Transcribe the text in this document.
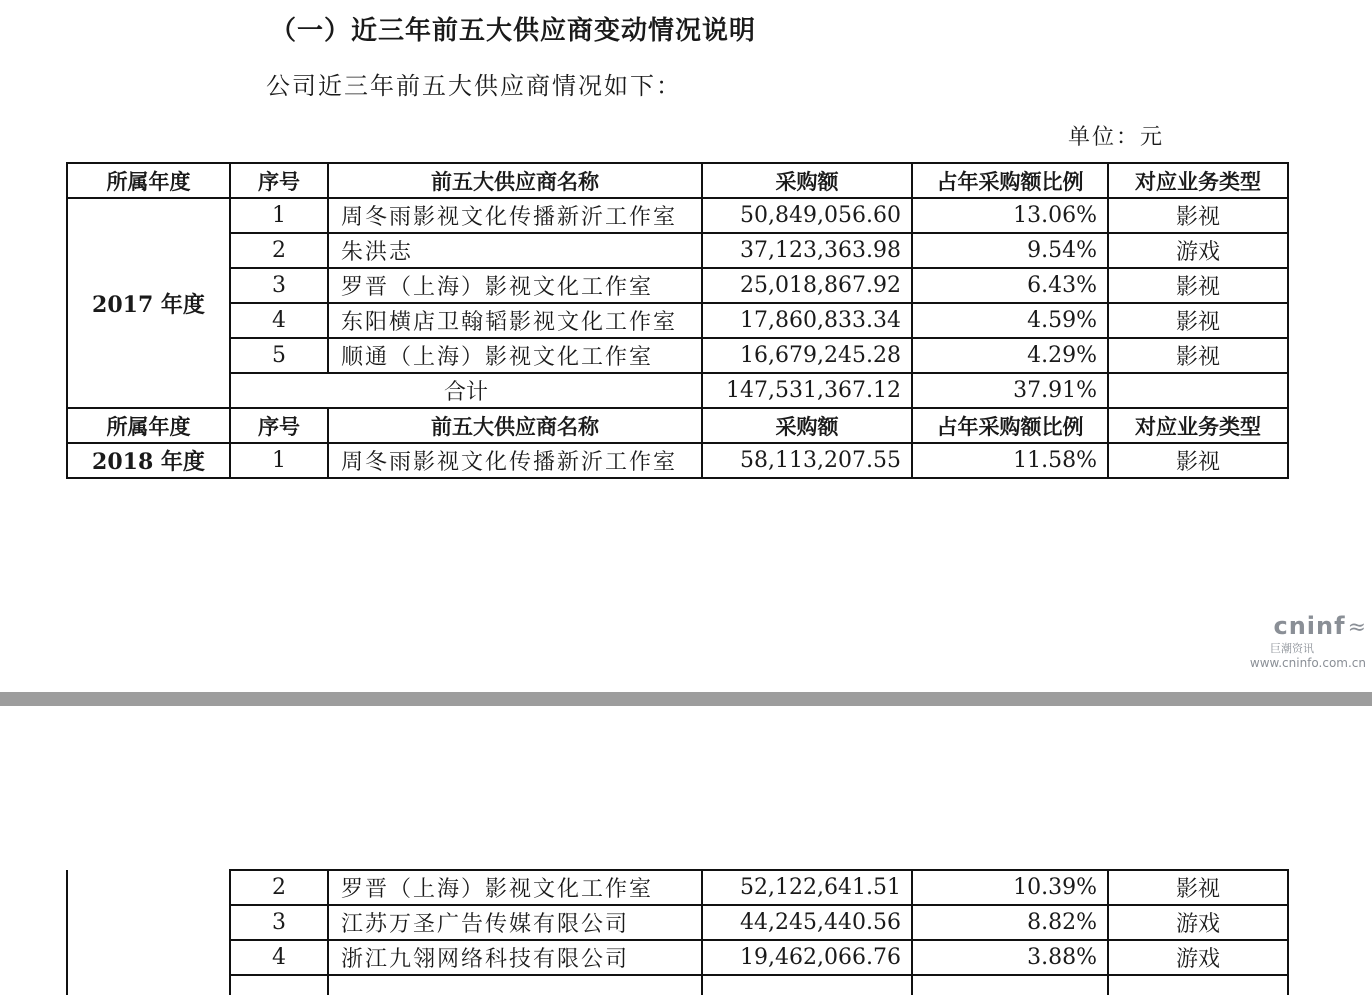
（一）近三年前五大供应商变动情况说明
公司近三年前五大供应商情况如下：
单位：元
所属年度	序号	前五大供应商名称	采购额	占年采购额比例	对应业务类型
2017 年度	1	周冬雨影视文化传播新沂工作室	50,849,056.60	13.06%	影视
	2	朱洪志	37,123,363.98	9.54%	游戏
	3	罗晋（上海）影视文化工作室	25,018,867.92	6.43%	影视
	4	东阳横店卫翰韬影视文化工作室	17,860,833.34	4.59%	影视
	5	顺通（上海）影视文化工作室	16,679,245.28	4.29%	影视
	合计		147,531,367.12	37.91%	
所属年度	序号	前五大供应商名称	采购额	占年采购额比例	对应业务类型
2018 年度	1	周冬雨影视文化传播新沂工作室	58,113,207.55	11.58%	影视
cninf≈
巨潮资讯
www.cninfo.com.cn
	2	罗晋（上海）影视文化工作室	52,122,641.51	10.39%	影视
	3	江苏万圣广告传媒有限公司	44,245,440.56	8.82%	游戏
	4	浙江九翎网络科技有限公司	19,462,066.76	3.88%	游戏
